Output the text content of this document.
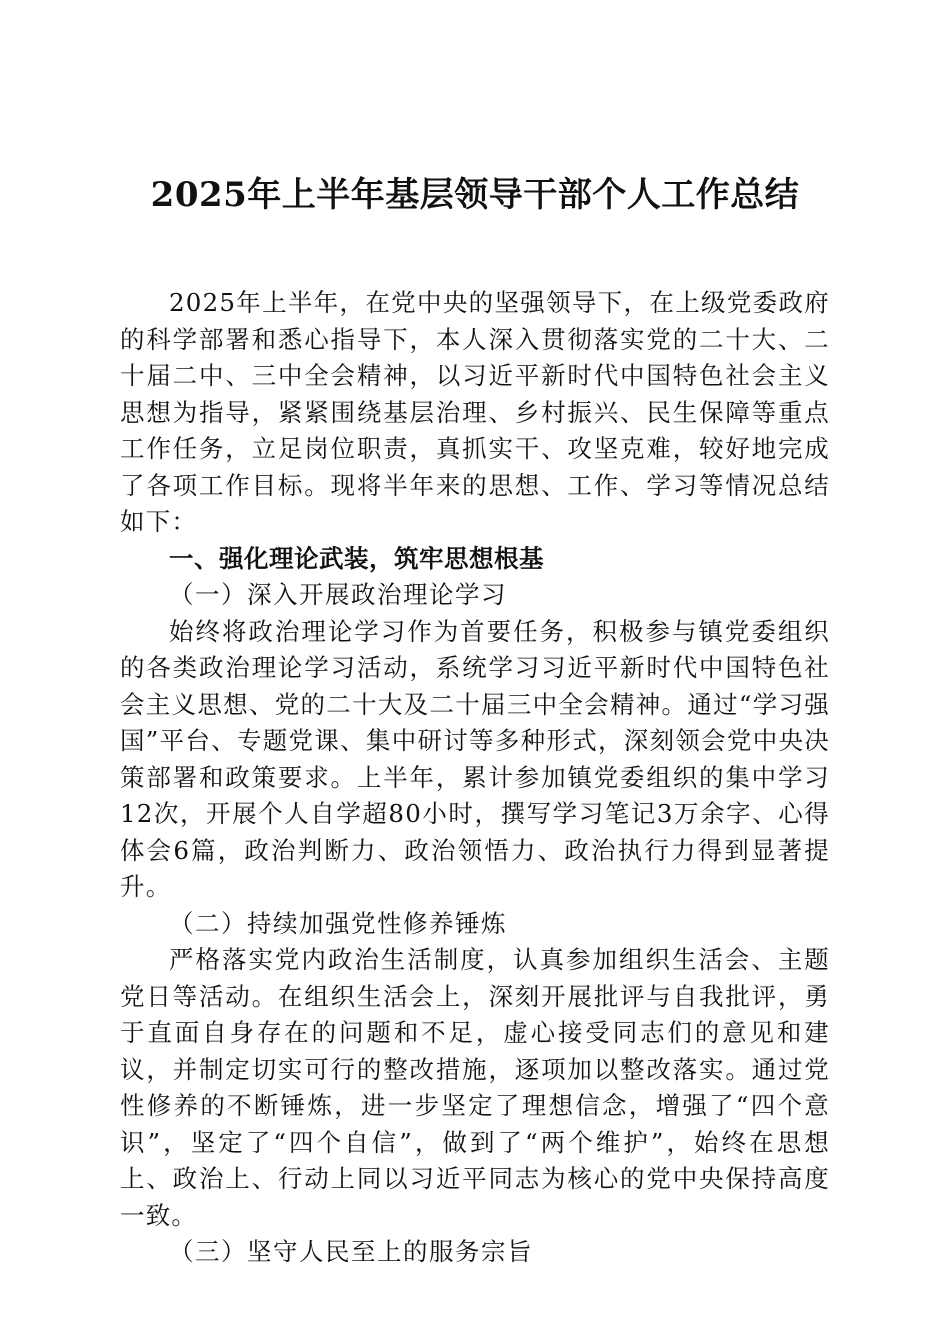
2025年上半年基层领导干部个人工作总结

2025年上半年，在党中央的坚强领导下，在上级党委政府的科学部署和悉心指导下，本人深入贯彻落实党的二十大、二十届二中、三中全会精神，以习近平新时代中国特色社会主义思想为指导，紧紧围绕基层治理、乡村振兴、民生保障等重点工作任务，立足岗位职责，真抓实干、攻坚克难，较好地完成了各项工作目标。现将半年来的思想、工作、学习等情况总结如下：

一、强化理论武装，筑牢思想根基

（一）深入开展政治理论学习

始终将政治理论学习作为首要任务，积极参与镇党委组织的各类政治理论学习活动，系统学习习近平新时代中国特色社会主义思想、党的二十大及二十届三中全会精神。通过“学习强国”平台、专题党课、集中研讨等多种形式，深刻领会党中央决策部署和政策要求。上半年，累计参加镇党委组织的集中学习12次，开展个人自学超80小时，撰写学习笔记3万余字、心得体会6篇，政治判断力、政治领悟力、政治执行力得到显著提升。

（二）持续加强党性修养锤炼

严格落实党内政治生活制度，认真参加组织生活会、主题党日等活动。在组织生活会上，深刻开展批评与自我批评，勇于直面自身存在的问题和不足，虚心接受同志们的意见和建议，并制定切实可行的整改措施，逐项加以整改落实。通过党性修养的不断锤炼，进一步坚定了理想信念，增强了“四个意识”，坚定了“四个自信”，做到了“两个维护”，始终在思想上、政治上、行动上同以习近平同志为核心的党中央保持高度一致。

（三）坚守人民至上的服务宗旨
